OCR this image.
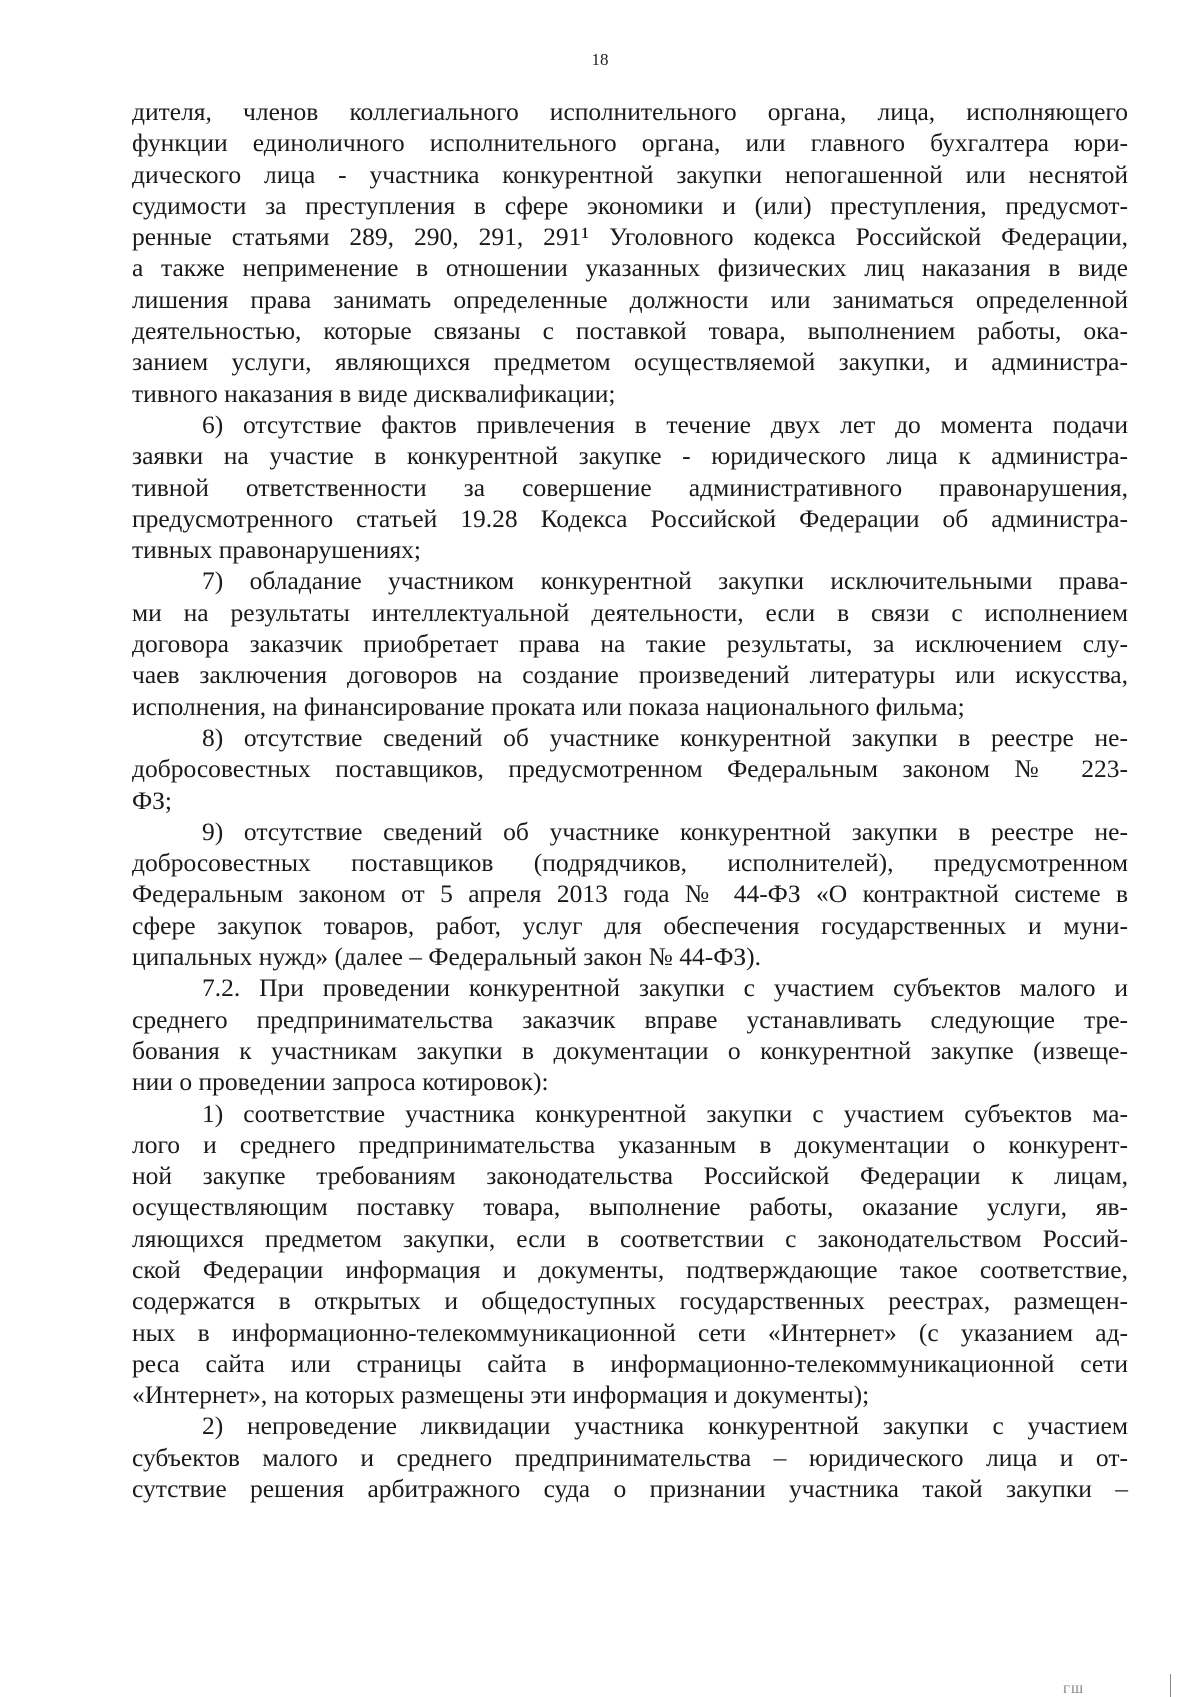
18
дителя, членов коллегиального исполнительного органа, лица, исполняющего
функции единоличного исполнительного органа, или главного бухгалтера юри-
дического лица - участника конкурентной закупки непогашенной или неснятой
судимости за преступления в сфере экономики и (или) преступления, предусмот-
ренные статьями 289, 290, 291, 291¹ Уголовного кодекса Российской Федерации,
а также неприменение в отношении указанных физических лиц наказания в виде
лишения права занимать определенные должности или заниматься определенной
деятельностью, которые связаны с поставкой товара, выполнением работы, ока-
занием услуги, являющихся предметом осуществляемой закупки, и администра-
тивного наказания в виде дисквалификации;
6) отсутствие фактов привлечения в течение двух лет до момента подачи
заявки на участие в конкурентной закупке - юридического лица к администра-
тивной ответственности за совершение административного правонарушения,
предусмотренного статьей 19.28 Кодекса Российской Федерации об администра-
тивных правонарушениях;
7) обладание участником конкурентной закупки исключительными права-
ми на результаты интеллектуальной деятельности, если в связи с исполнением
договора заказчик приобретает права на такие результаты, за исключением слу-
чаев заключения договоров на создание произведений литературы или искусства,
исполнения, на финансирование проката или показа национального фильма;
8) отсутствие сведений об участнике конкурентной закупки в реестре не-
добросовестных поставщиков, предусмотренном Федеральным законом № 223-
ФЗ;
9) отсутствие сведений об участнике конкурентной закупки в реестре не-
добросовестных поставщиков (подрядчиков, исполнителей), предусмотренном
Федеральным законом от 5 апреля 2013 года № 44-ФЗ «О контрактной системе в
сфере закупок товаров, работ, услуг для обеспечения государственных и муни-
ципальных нужд» (далее – Федеральный закон № 44-ФЗ).
7.2. При проведении конкурентной закупки с участием субъектов малого и
среднего предпринимательства заказчик вправе устанавливать следующие тре-
бования к участникам закупки в документации о конкурентной закупке (извеще-
нии о проведении запроса котировок):
1) соответствие участника конкурентной закупки с участием субъектов ма-
лого и среднего предпринимательства указанным в документации о конкурент-
ной закупке требованиям законодательства Российской Федерации к лицам,
осуществляющим поставку товара, выполнение работы, оказание услуги, яв-
ляющихся предметом закупки, если в соответствии с законодательством Россий-
ской Федерации информация и документы, подтверждающие такое соответствие,
содержатся в открытых и общедоступных государственных реестрах, размещен-
ных в информационно-телекоммуникационной сети «Интернет» (с указанием ад-
реса сайта или страницы сайта в информационно-телекоммуникационной сети
«Интернет», на которых размещены эти информация и документы);
2) непроведение ликвидации участника конкурентной закупки с участием
субъектов малого и среднего предпринимательства – юридического лица и от-
сутствие решения арбитражного суда о признании участника такой закупки –
ГШ
